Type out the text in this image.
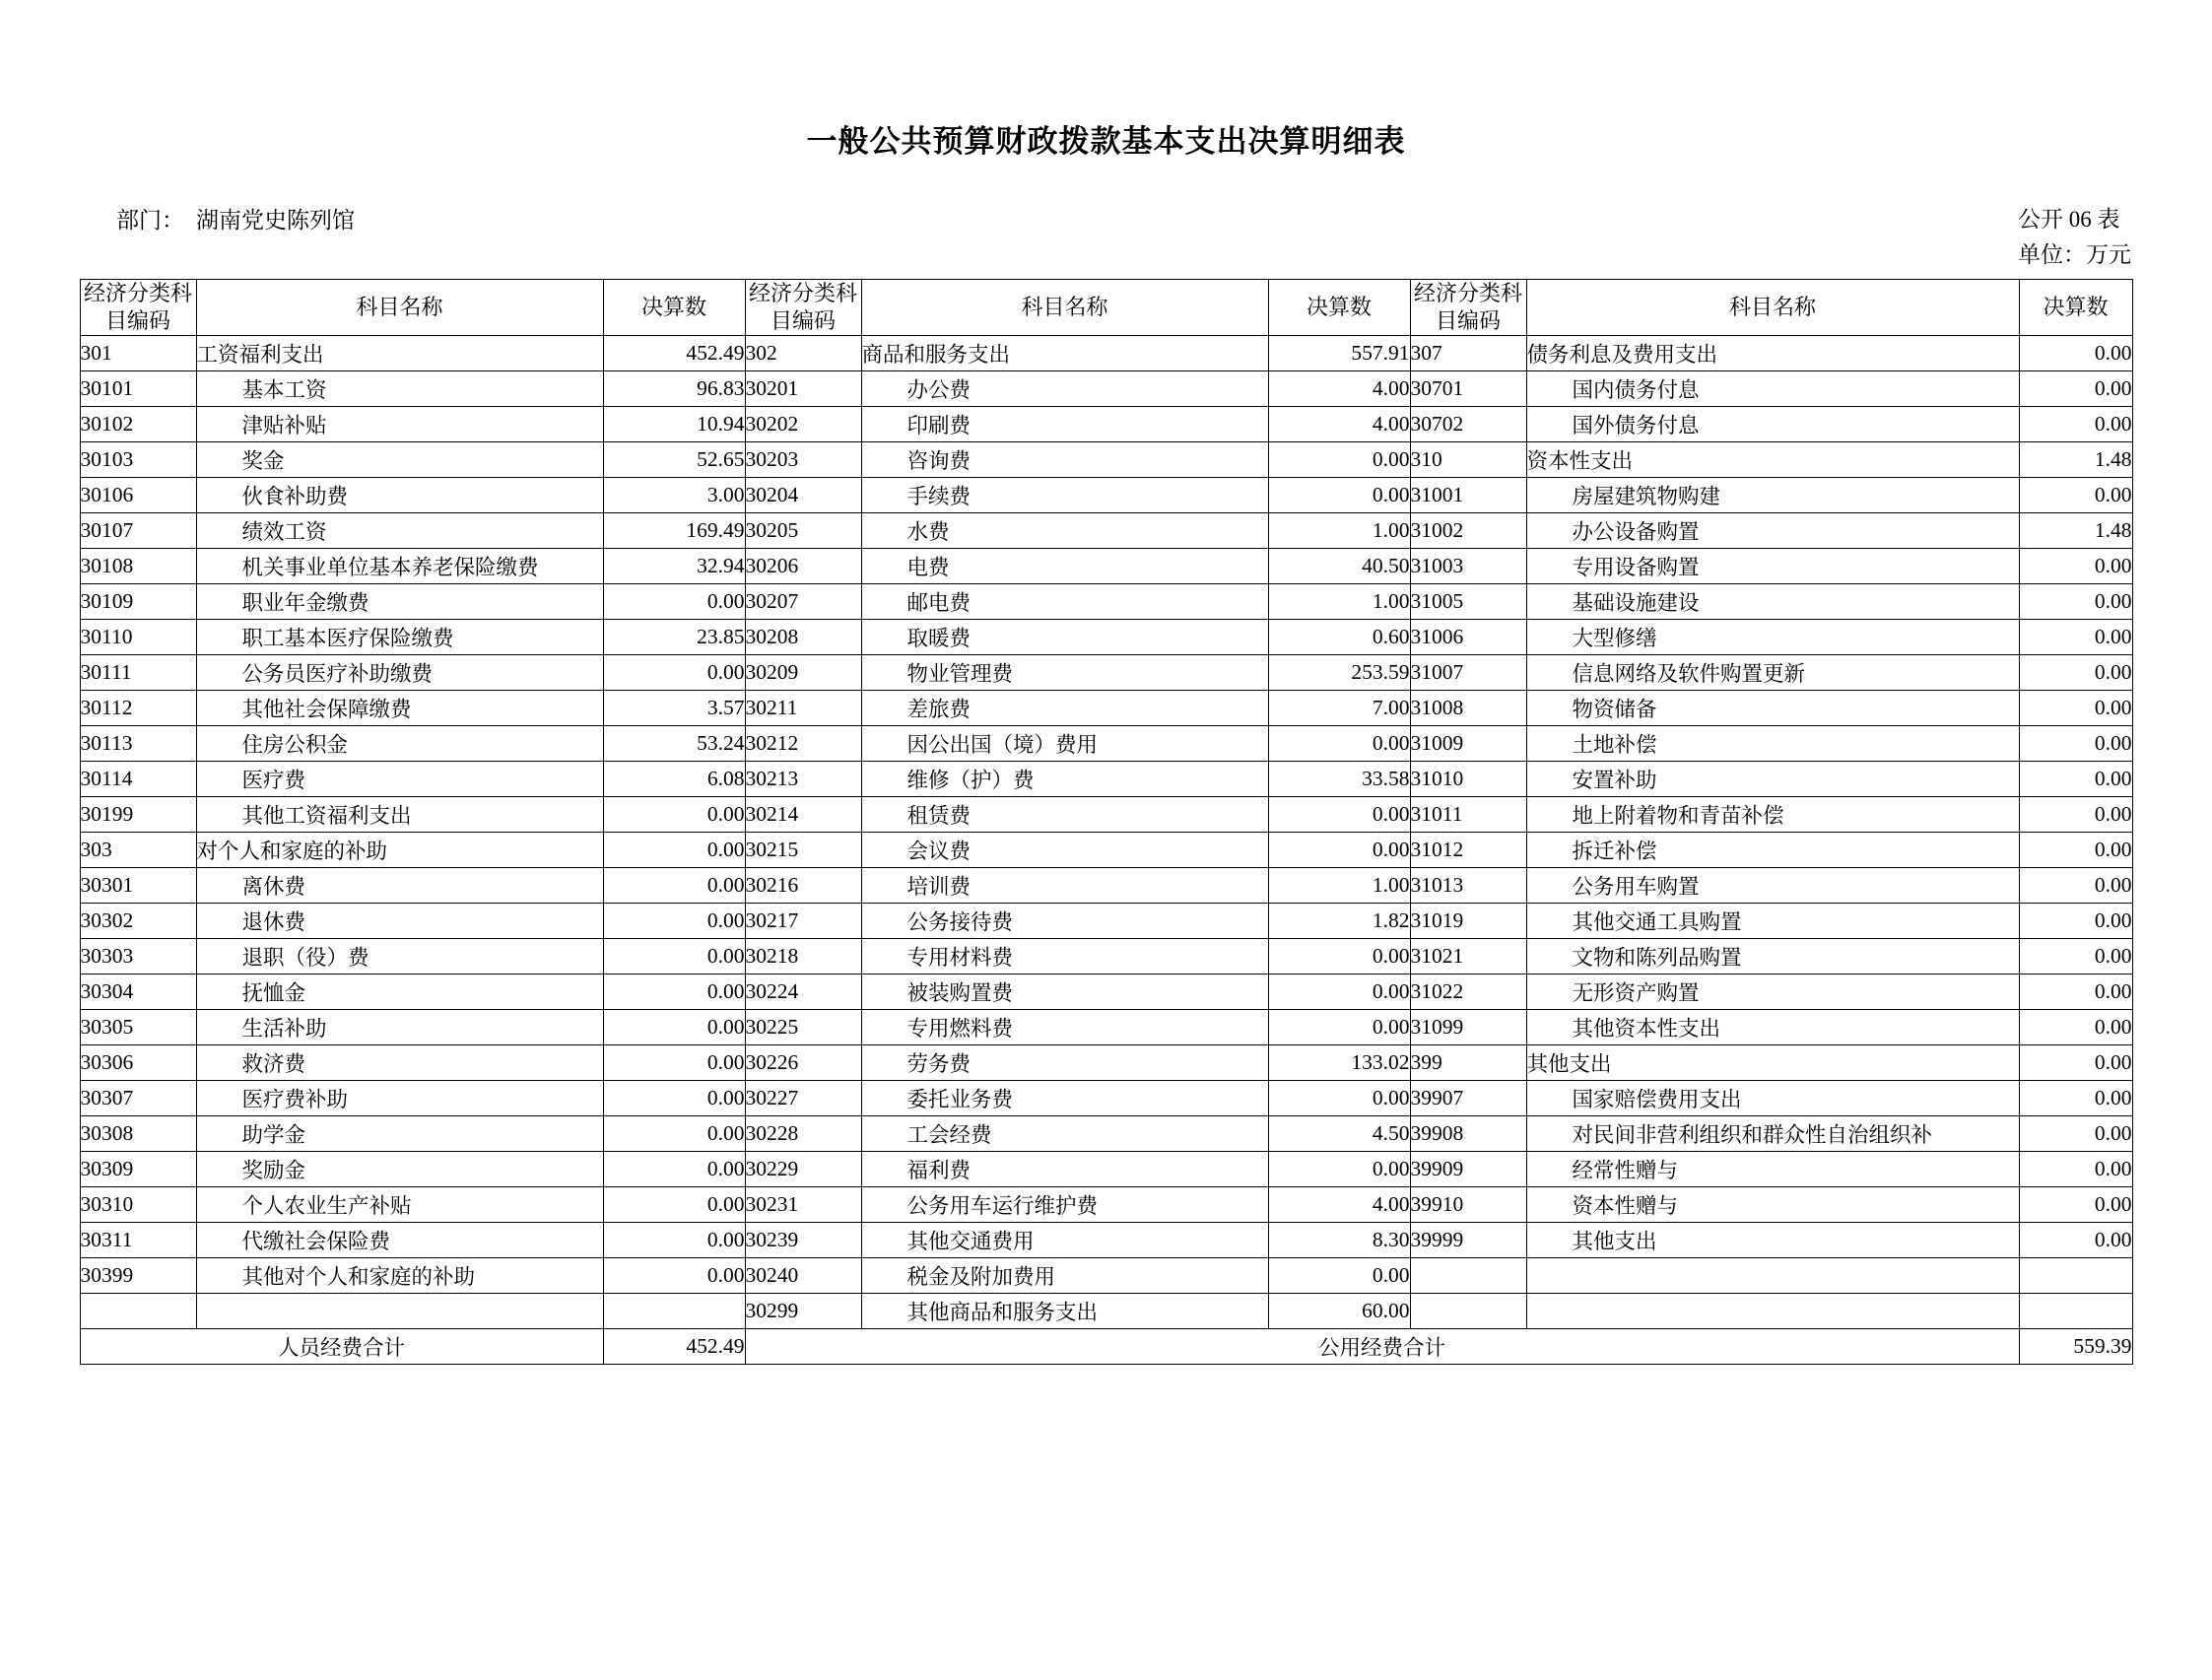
一般公共预算财政拨款基本支出决算明细表
部门： 湖南党史陈列馆	公开 06 表
单位：万元
经济分类科目编码	科目名称	决算数	经济分类科目编码	科目名称	决算数	经济分类科目编码	科目名称	决算数
301	工资福利支出	452.49	302	商品和服务支出	557.91	307	债务利息及费用支出	0.00
30101	基本工资	96.83	30201	办公费	4.00	30701	国内债务付息	0.00
30102	津贴补贴	10.94	30202	印刷费	4.00	30702	国外债务付息	0.00
30103	奖金	52.65	30203	咨询费	0.00	310	资本性支出	1.48
30106	伙食补助费	3.00	30204	手续费	0.00	31001	房屋建筑物购建	0.00
30107	绩效工资	169.49	30205	水费	1.00	31002	办公设备购置	1.48
30108	机关事业单位基本养老保险缴费	32.94	30206	电费	40.50	31003	专用设备购置	0.00
30109	职业年金缴费	0.00	30207	邮电费	1.00	31005	基础设施建设	0.00
30110	职工基本医疗保险缴费	23.85	30208	取暖费	0.60	31006	大型修缮	0.00
30111	公务员医疗补助缴费	0.00	30209	物业管理费	253.59	31007	信息网络及软件购置更新	0.00
30112	其他社会保障缴费	3.57	30211	差旅费	7.00	31008	物资储备	0.00
30113	住房公积金	53.24	30212	因公出国（境）费用	0.00	31009	土地补偿	0.00
30114	医疗费	6.08	30213	维修（护）费	33.58	31010	安置补助	0.00
30199	其他工资福利支出	0.00	30214	租赁费	0.00	31011	地上附着物和青苗补偿	0.00
303	对个人和家庭的补助	0.00	30215	会议费	0.00	31012	拆迁补偿	0.00
30301	离休费	0.00	30216	培训费	1.00	31013	公务用车购置	0.00
30302	退休费	0.00	30217	公务接待费	1.82	31019	其他交通工具购置	0.00
30303	退职（役）费	0.00	30218	专用材料费	0.00	31021	文物和陈列品购置	0.00
30304	抚恤金	0.00	30224	被装购置费	0.00	31022	无形资产购置	0.00
30305	生活补助	0.00	30225	专用燃料费	0.00	31099	其他资本性支出	0.00
30306	救济费	0.00	30226	劳务费	133.02	399	其他支出	0.00
30307	医疗费补助	0.00	30227	委托业务费	0.00	39907	国家赔偿费用支出	0.00
30308	助学金	0.00	30228	工会经费	4.50	39908	对民间非营利组织和群众性自治组织补	0.00
30309	奖励金	0.00	30229	福利费	0.00	39909	经常性赠与	0.00
30310	个人农业生产补贴	0.00	30231	公务用车运行维护费	4.00	39910	资本性赠与	0.00
30311	代缴社会保险费	0.00	30239	其他交通费用	8.30	39999	其他支出	0.00
30399	其他对个人和家庭的补助	0.00	30240	税金及附加费用	0.00			
			30299	其他商品和服务支出	60.00			
人员经费合计		452.49	公用经费合计					559.39
